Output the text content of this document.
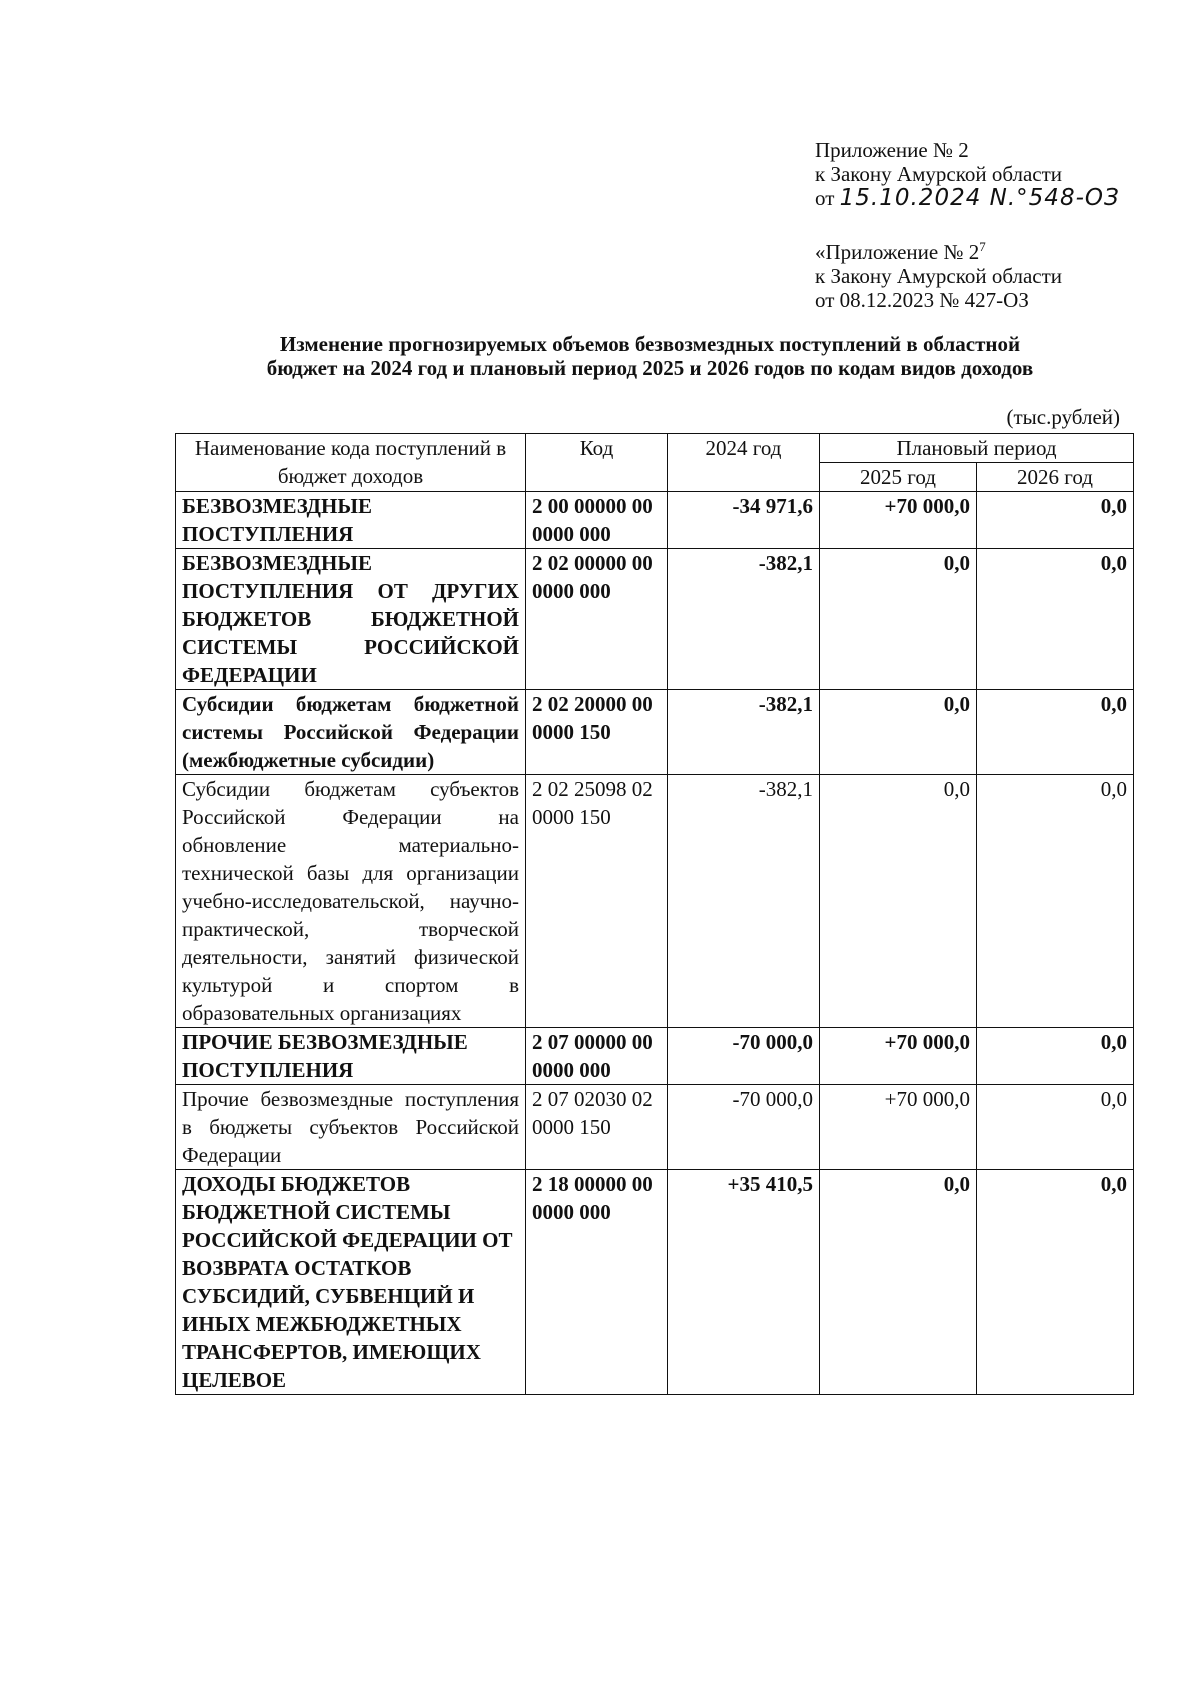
Приложение № 2
к Закону Амурской области
от 15.10.2024 N.°548-ОЗ
«Приложение № $2^7$
к Закону Амурской области
от 08.12.2023 № 427-ОЗ
Изменение прогнозируемых объемов безвозмездных поступлений в областной
бюджет на 2024 год и плановый период 2025 и 2026 годов по кодам видов доходов
(тыс.рублей)
Наименование кода поступлений в бюджет доходов	Код	2024 год	Плановый период	
			2025 год	2026 год
БЕЗВОЗМЕЗДНЫЕ ПОСТУПЛЕНИЯ	2 00 00000 00 0000 000	-34 971,6	+70 000,0	0,0
БЕЗВОЗМЕЗДНЫЕ ПОСТУПЛЕНИЯ ОТ ДРУГИХ БЮДЖЕТОВ БЮДЖЕТНОЙ СИСТЕМЫ РОССИЙСКОЙ ФЕДЕРАЦИИ	2 02 00000 00 0000 000	-382,1	0,0	0,0
Субсидии бюджетам бюджетной системы Российской Федерации (межбюджетные субсидии)	2 02 20000 00 0000 150	-382,1	0,0	0,0
Субсидии бюджетам субъектов Российской Федерации на обновление материально-технической базы для организации учебно-исследовательской, научно-практической, творческой деятельности, занятий физической культурой и спортом в образовательных организациях	2 02 25098 02 0000 150	-382,1	0,0	0,0
ПРОЧИЕ БЕЗВОЗМЕЗДНЫЕ ПОСТУПЛЕНИЯ	2 07 00000 00 0000 000	-70 000,0	+70 000,0	0,0
Прочие безвозмездные поступления в бюджеты субъектов Российской Федерации	2 07 02030 02 0000 150	-70 000,0	+70 000,0	0,0
ДОХОДЫ БЮДЖЕТОВ БЮДЖЕТНОЙ СИСТЕМЫ РОССИЙСКОЙ ФЕДЕРАЦИИ ОТ ВОЗВРАТА ОСТАТКОВ СУБСИДИЙ, СУБВЕНЦИЙ И ИНЫХ МЕЖБЮДЖЕТНЫХ ТРАНСФЕРТОВ, ИМЕЮЩИХ ЦЕЛЕВОЕ	2 18 00000 00 0000 000	+35 410,5	0,0	0,0
